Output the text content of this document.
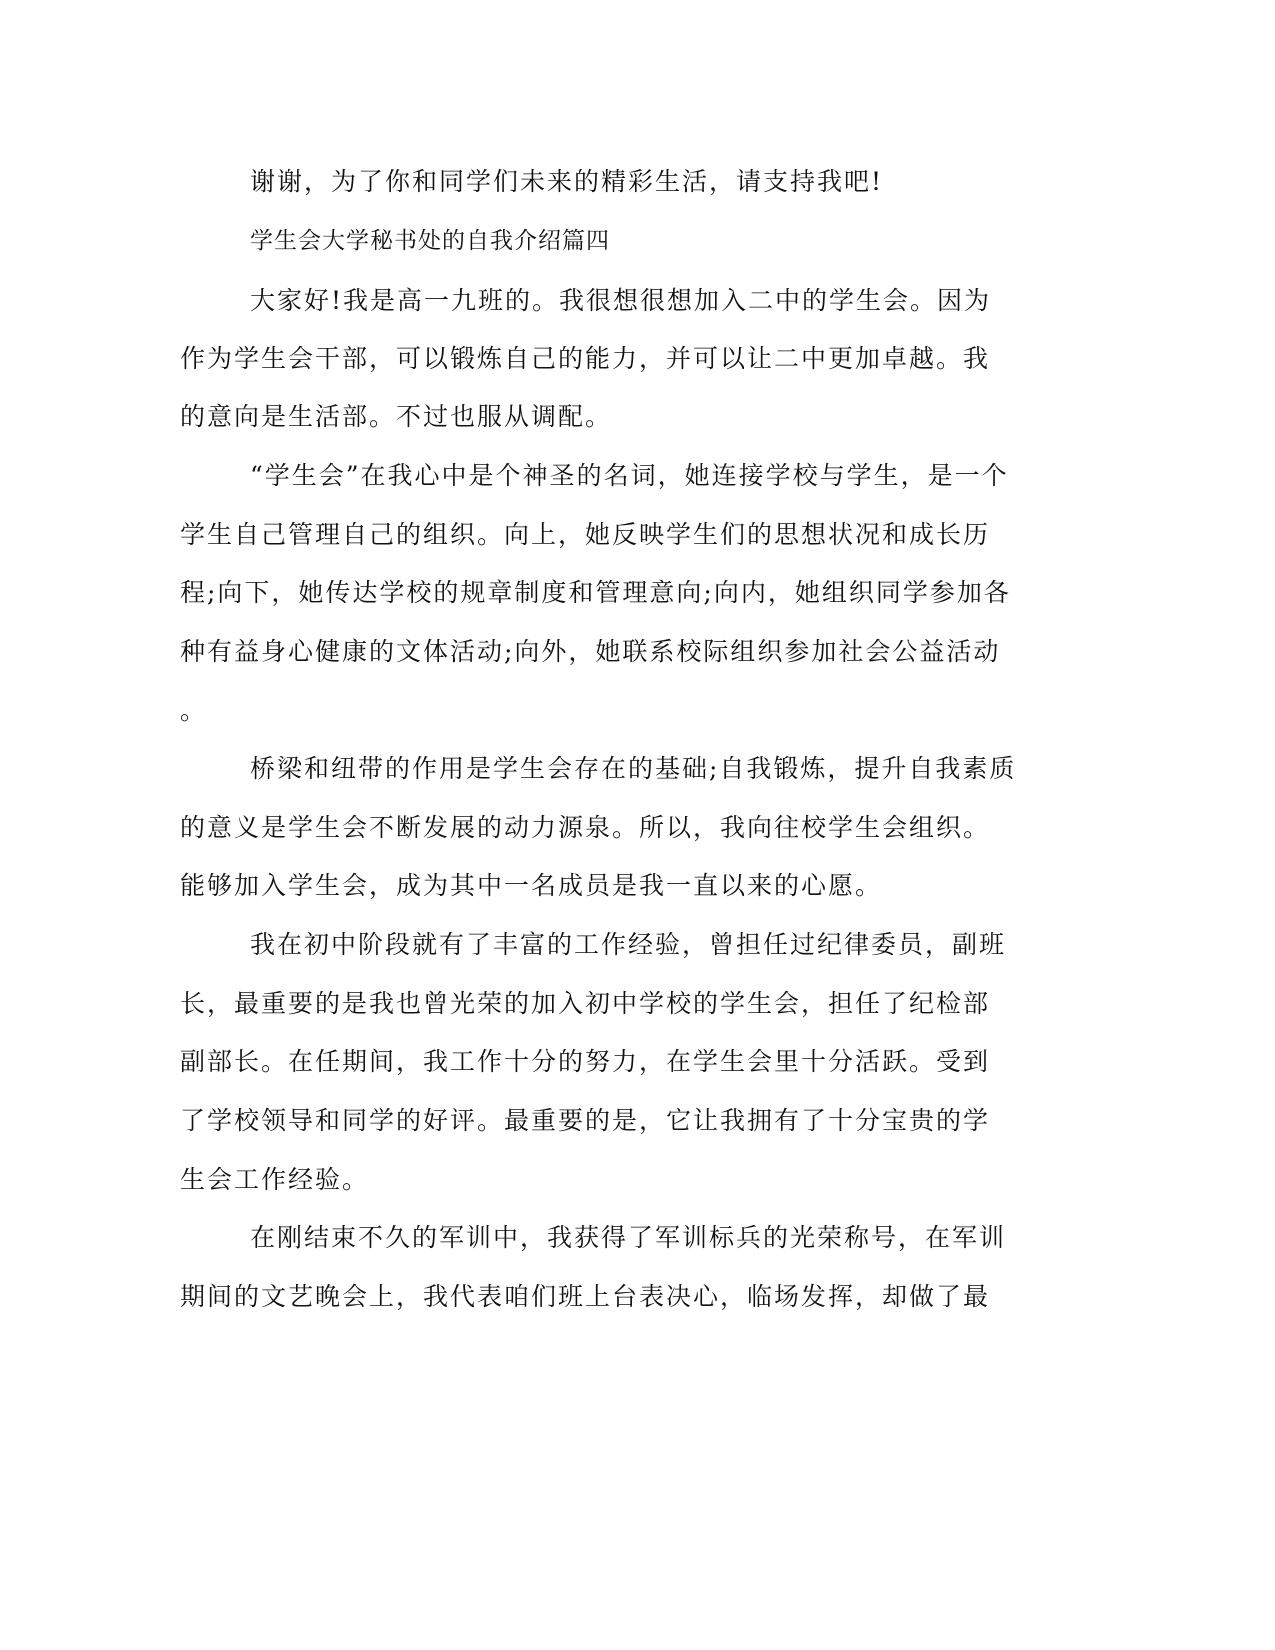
谢谢，为了你和同学们未来的精彩生活，请支持我吧!
学生会大学秘书处的自我介绍篇四
大家好!我是高一九班的。我很想很想加入二中的学生会。因为
作为学生会干部，可以锻炼自己的能力，并可以让二中更加卓越。我
的意向是生活部。不过也服从调配。
“学生会”在我心中是个神圣的名词，她连接学校与学生，是一个
学生自己管理自己的组织。向上，她反映学生们的思想状况和成长历
程;向下，她传达学校的规章制度和管理意向;向内，她组织同学参加各
种有益身心健康的文体活动;向外，她联系校际组织参加社会公益活动
。
桥梁和纽带的作用是学生会存在的基础;自我锻炼，提升自我素质
的意义是学生会不断发展的动力源泉。所以，我向往校学生会组织。
能够加入学生会，成为其中一名成员是我一直以来的心愿。
我在初中阶段就有了丰富的工作经验，曾担任过纪律委员，副班
长，最重要的是我也曾光荣的加入初中学校的学生会，担任了纪检部
副部长。在任期间，我工作十分的努力，在学生会里十分活跃。受到
了学校领导和同学的好评。最重要的是，它让我拥有了十分宝贵的学
生会工作经验。
在刚结束不久的军训中，我获得了军训标兵的光荣称号，在军训
期间的文艺晚会上，我代表咱们班上台表决心，临场发挥，却做了最
